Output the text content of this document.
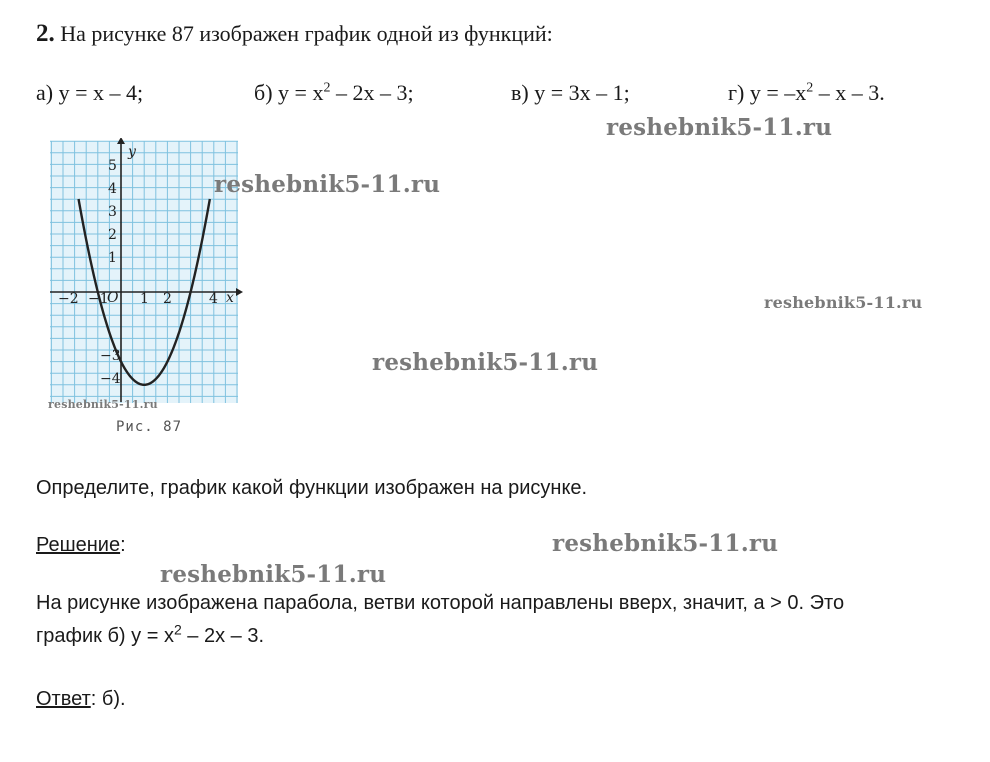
2. На рисунке 87 изображен график одной из функций:
а) y = x – 4;	б) $y = x^2 - 2x - 3$;	в) y = 3x – 1;	г) $y = -x^2 - x - 3$.
−2 −1 1 2	4
5
4
3
2
1
−3
−4
O	x
y
Рис. 87
reshebnik5-11.ru
reshebnik5-11.ru
reshebnik5-11.ru
reshebnik5-11.ru
reshebnik5-11.ru
reshebnik5-11.ru
reshebnik5-11.ru
Определите, график какой функции изображен на рисунке.
Решение:
На рисунке изображена парабола, ветви которой направлены вверх, значит, a > 0. Это
график б) $y = x^2 - 2x - 3$.
Ответ: б).
